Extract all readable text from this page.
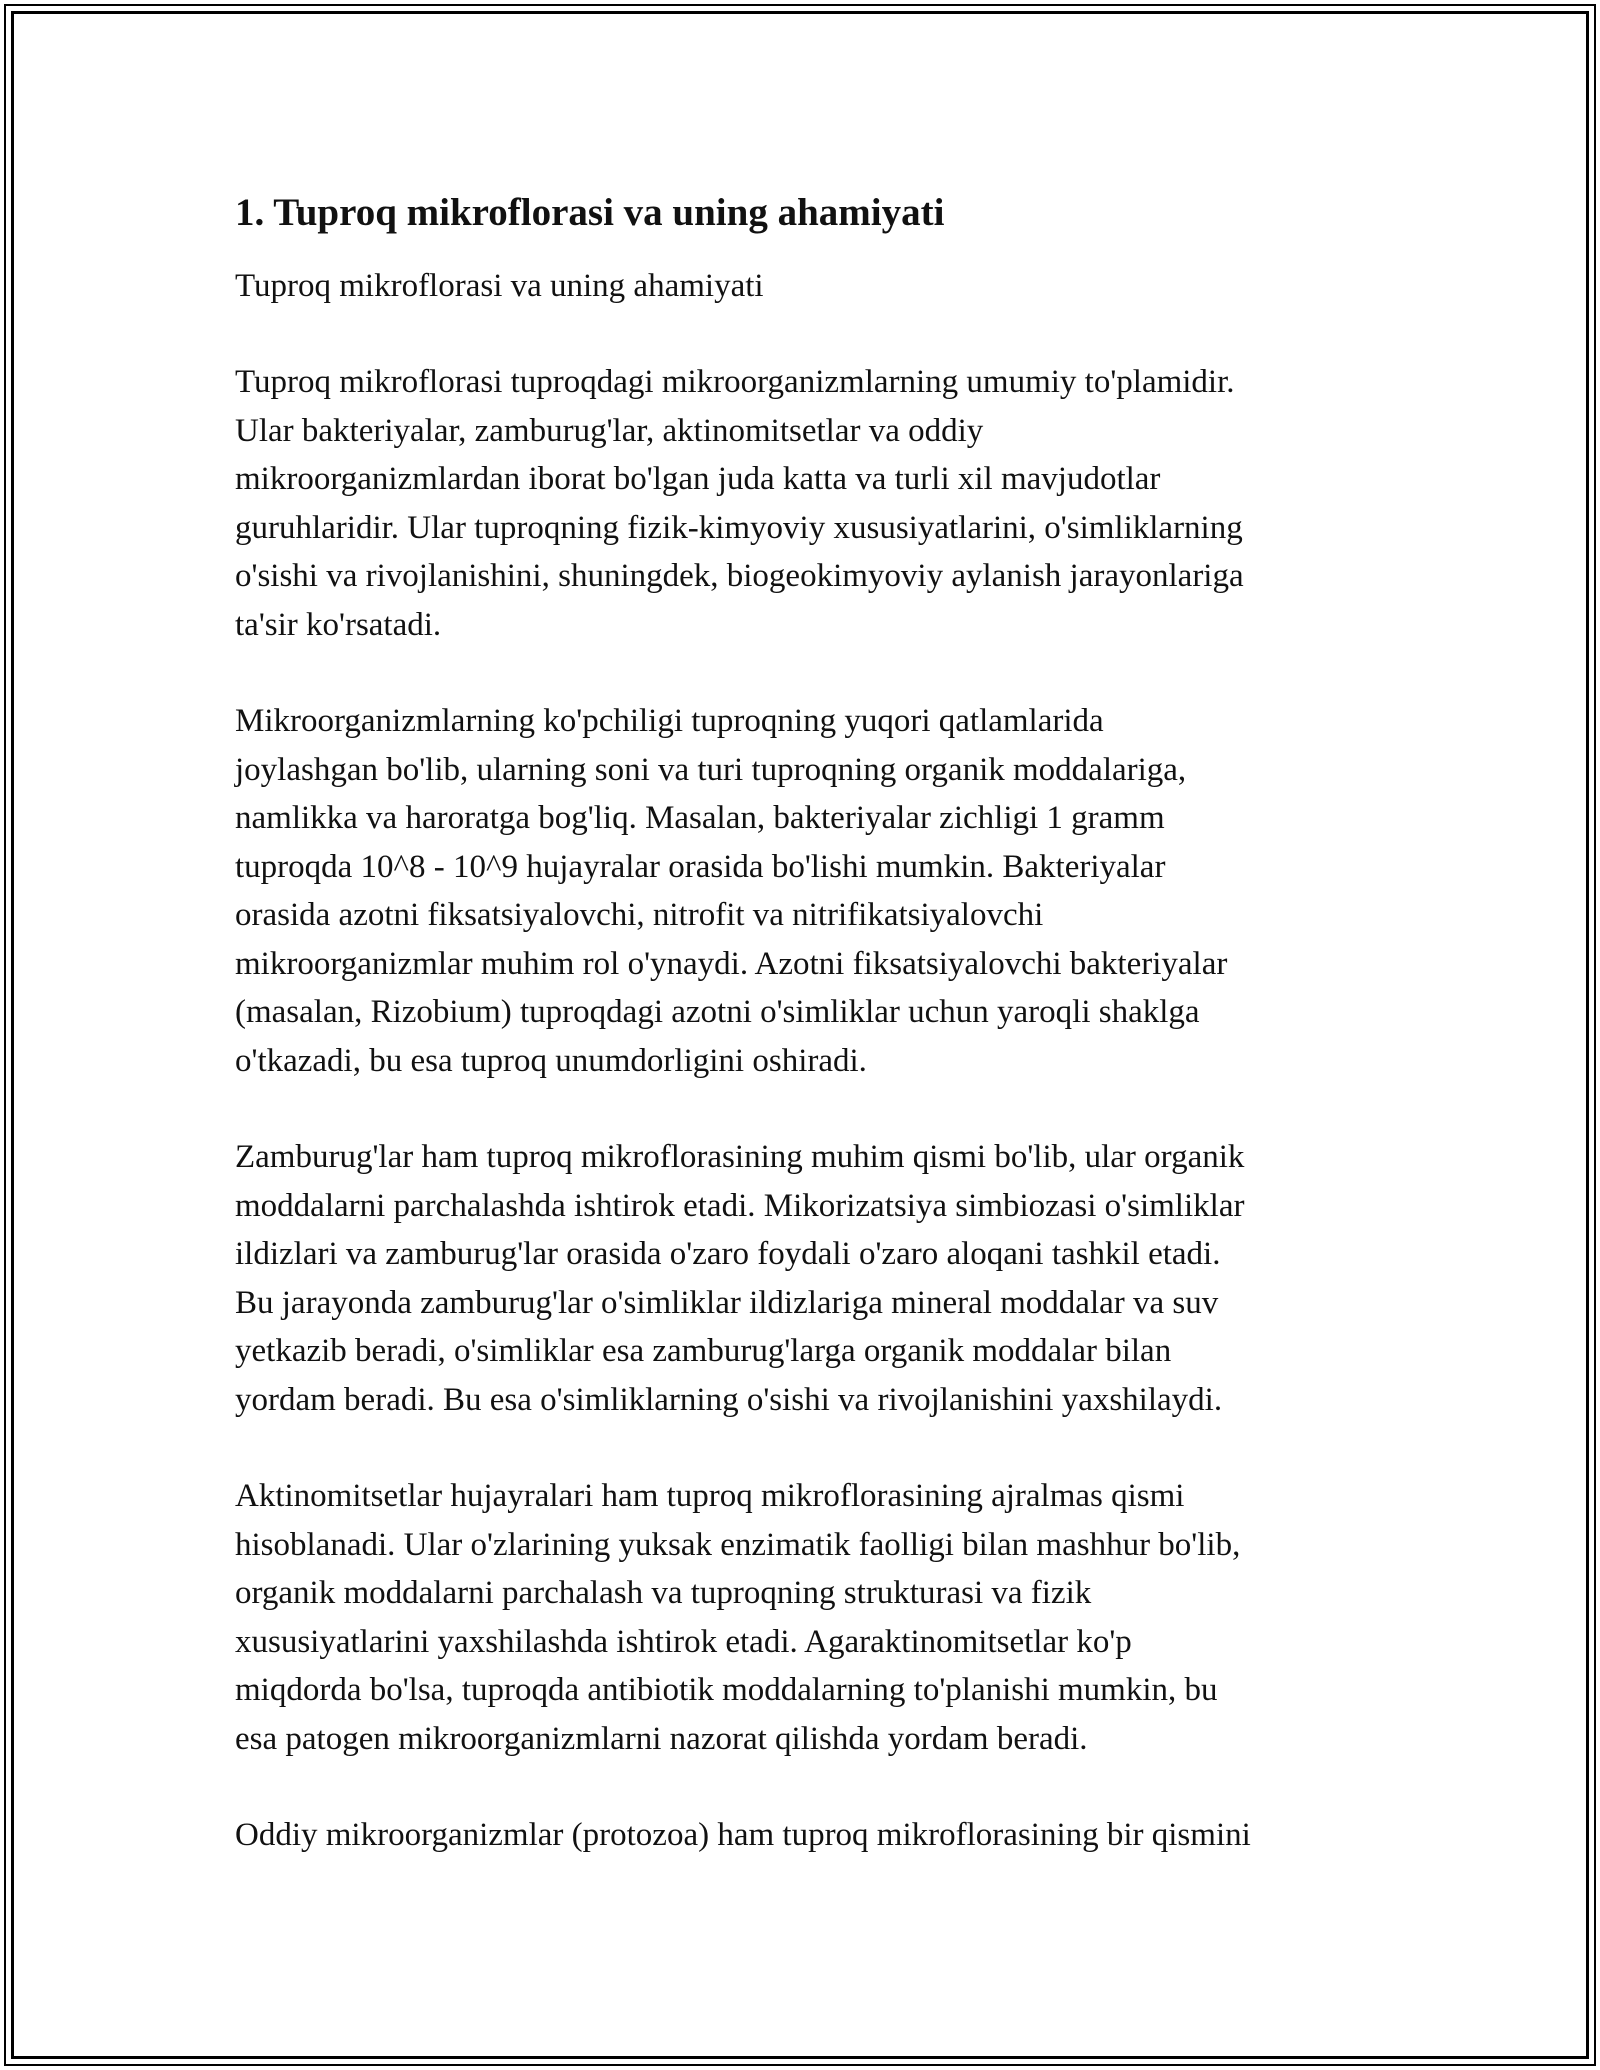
1. Tuproq mikroflorasi va uning ahamiyati

Tuproq mikroflorasi va uning ahamiyati

Tuproq mikroflorasi tuproqdagi mikroorganizmlarning umumiy to'plamidir.
Ular bakteriyalar, zamburug'lar, aktinomitsetlar va oddiy
mikroorganizmlardan iborat bo'lgan juda katta va turli xil mavjudotlar
guruhlaridir. Ular tuproqning fizik-kimyoviy xususiyatlarini, o'simliklarning
o'sishi va rivojlanishini, shuningdek, biogeokimyoviy aylanish jarayonlariga
ta'sir ko'rsatadi.

Mikroorganizmlarning ko'pchiligi tuproqning yuqori qatlamlarida
joylashgan bo'lib, ularning soni va turi tuproqning organik moddalariga,
namlikka va haroratga bog'liq. Masalan, bakteriyalar zichligi 1 gramm
tuproqda 10^8 - 10^9 hujayralar orasida bo'lishi mumkin. Bakteriyalar
orasida azotni fiksatsiyalovchi, nitrofit va nitrifikatsiyalovchi
mikroorganizmlar muhim rol o'ynaydi. Azotni fiksatsiyalovchi bakteriyalar
(masalan, Rizobium) tuproqdagi azotni o'simliklar uchun yaroqli shaklga
o'tkazadi, bu esa tuproq unumdorligini oshiradi.

Zamburug'lar ham tuproq mikroflorasining muhim qismi bo'lib, ular organik
moddalarni parchalashda ishtirok etadi. Mikorizatsiya simbiozasi o'simliklar
ildizlari va zamburug'lar orasida o'zaro foydali o'zaro aloqani tashkil etadi.
Bu jarayonda zamburug'lar o'simliklar ildizlariga mineral moddalar va suv
yetkazib beradi, o'simliklar esa zamburug'larga organik moddalar bilan
yordam beradi. Bu esa o'simliklarning o'sishi va rivojlanishini yaxshilaydi.

Aktinomitsetlar hujayralari ham tuproq mikroflorasining ajralmas qismi
hisoblanadi. Ular o'zlarining yuksak enzimatik faolligi bilan mashhur bo'lib,
organik moddalarni parchalash va tuproqning strukturasi va fizik
xususiyatlarini yaxshilashda ishtirok etadi. Agaraktinomitsetlar ko'p
miqdorda bo'lsa, tuproqda antibiotik moddalarning to'planishi mumkin, bu
esa patogen mikroorganizmlarni nazorat qilishda yordam beradi.

Oddiy mikroorganizmlar (protozoa) ham tuproq mikroflorasining bir qismini
